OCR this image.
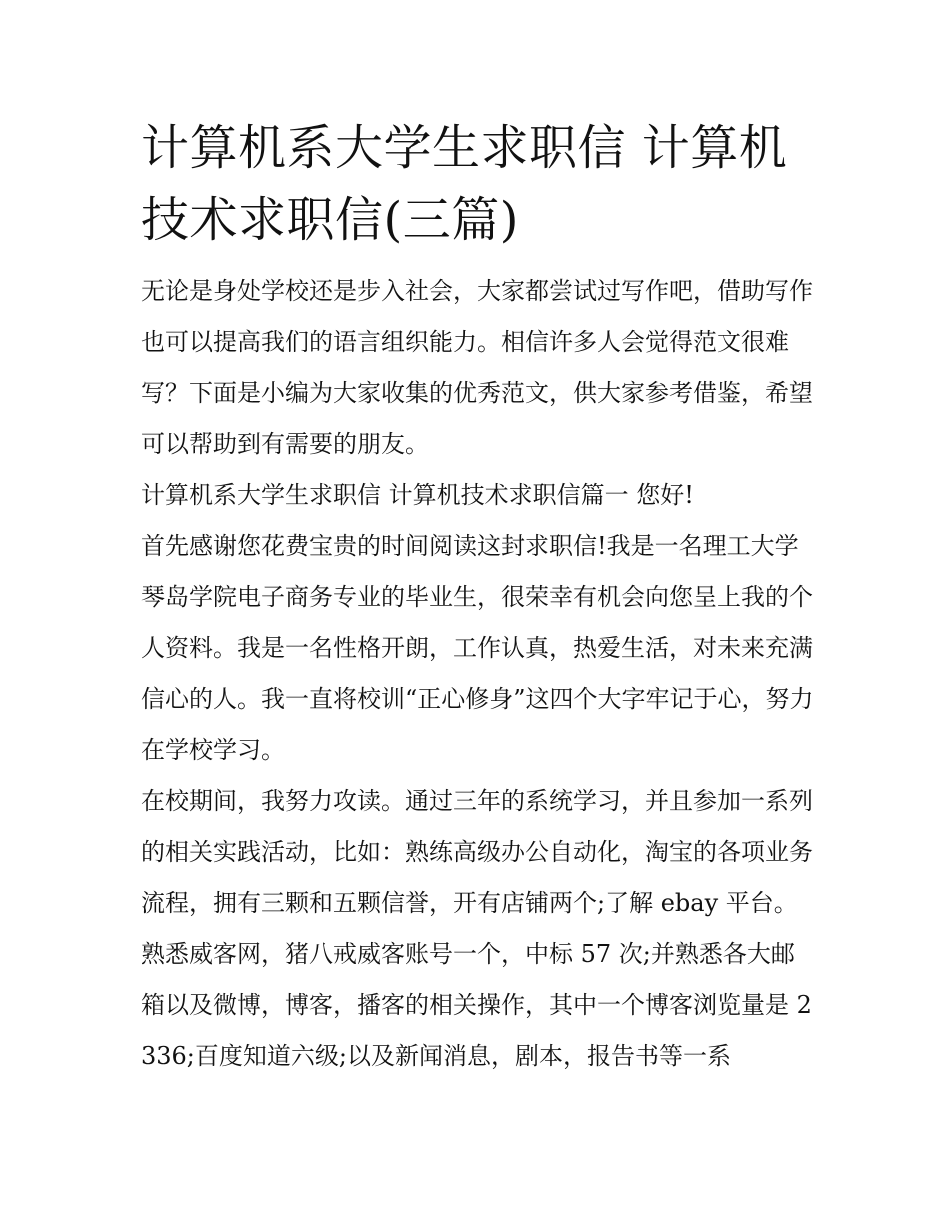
计算机系大学生求职信 计算机技术求职信(三篇)

无论是身处学校还是步入社会，大家都尝试过写作吧，借助写作也可以提高我们的语言组织能力。相信许多人会觉得范文很难写？下面是小编为大家收集的优秀范文，供大家参考借鉴，希望可以帮助到有需要的朋友。

计算机系大学生求职信 计算机技术求职信篇一 您好!

首先感谢您花费宝贵的时间阅读这封求职信!我是一名理工大学琴岛学院电子商务专业的毕业生，很荣幸有机会向您呈上我的个人资料。我是一名性格开朗，工作认真，热爱生活，对未来充满信心的人。我一直将校训“正心修身”这四个大字牢记于心，努力在学校学习。

在校期间，我努力攻读。通过三年的系统学习，并且参加一系列的相关实践活动，比如：熟练高级办公自动化，淘宝的各项业务流程，拥有三颗和五颗信誉，开有店铺两个;了解 ebay 平台。熟悉威客网，猪八戒威客账号一个，中标 57 次;并熟悉各大邮箱以及微博，博客，播客的相关操作，其中一个博客浏览量是 2336;百度知道六级;以及新闻消息，剧本，报告书等一系
